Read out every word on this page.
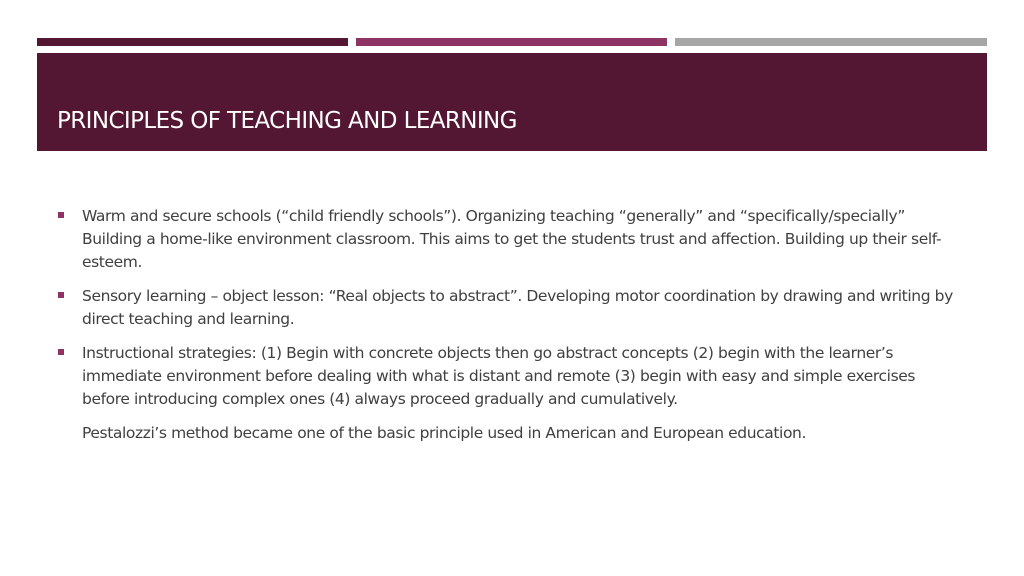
PRINCIPLES OF TEACHING AND LEARNING
Warm and secure schools (“child friendly schools”). Organizing teaching “generally” and “specifically/specially” Building a home-like environment classroom. This aims to get the students trust and affection. Building up their self-esteem.
Sensory learning – object lesson: “Real objects to abstract”. Developing motor coordination by drawing and writing by direct teaching and learning.
Instructional strategies: (1) Begin with concrete objects then go abstract concepts (2) begin with the learner’s immediate environment before dealing with what is distant and remote (3) begin with easy and simple exercises before introducing complex ones (4) always proceed gradually and cumulatively.
Pestalozzi’s method became one of the basic principle used in American and European education.
